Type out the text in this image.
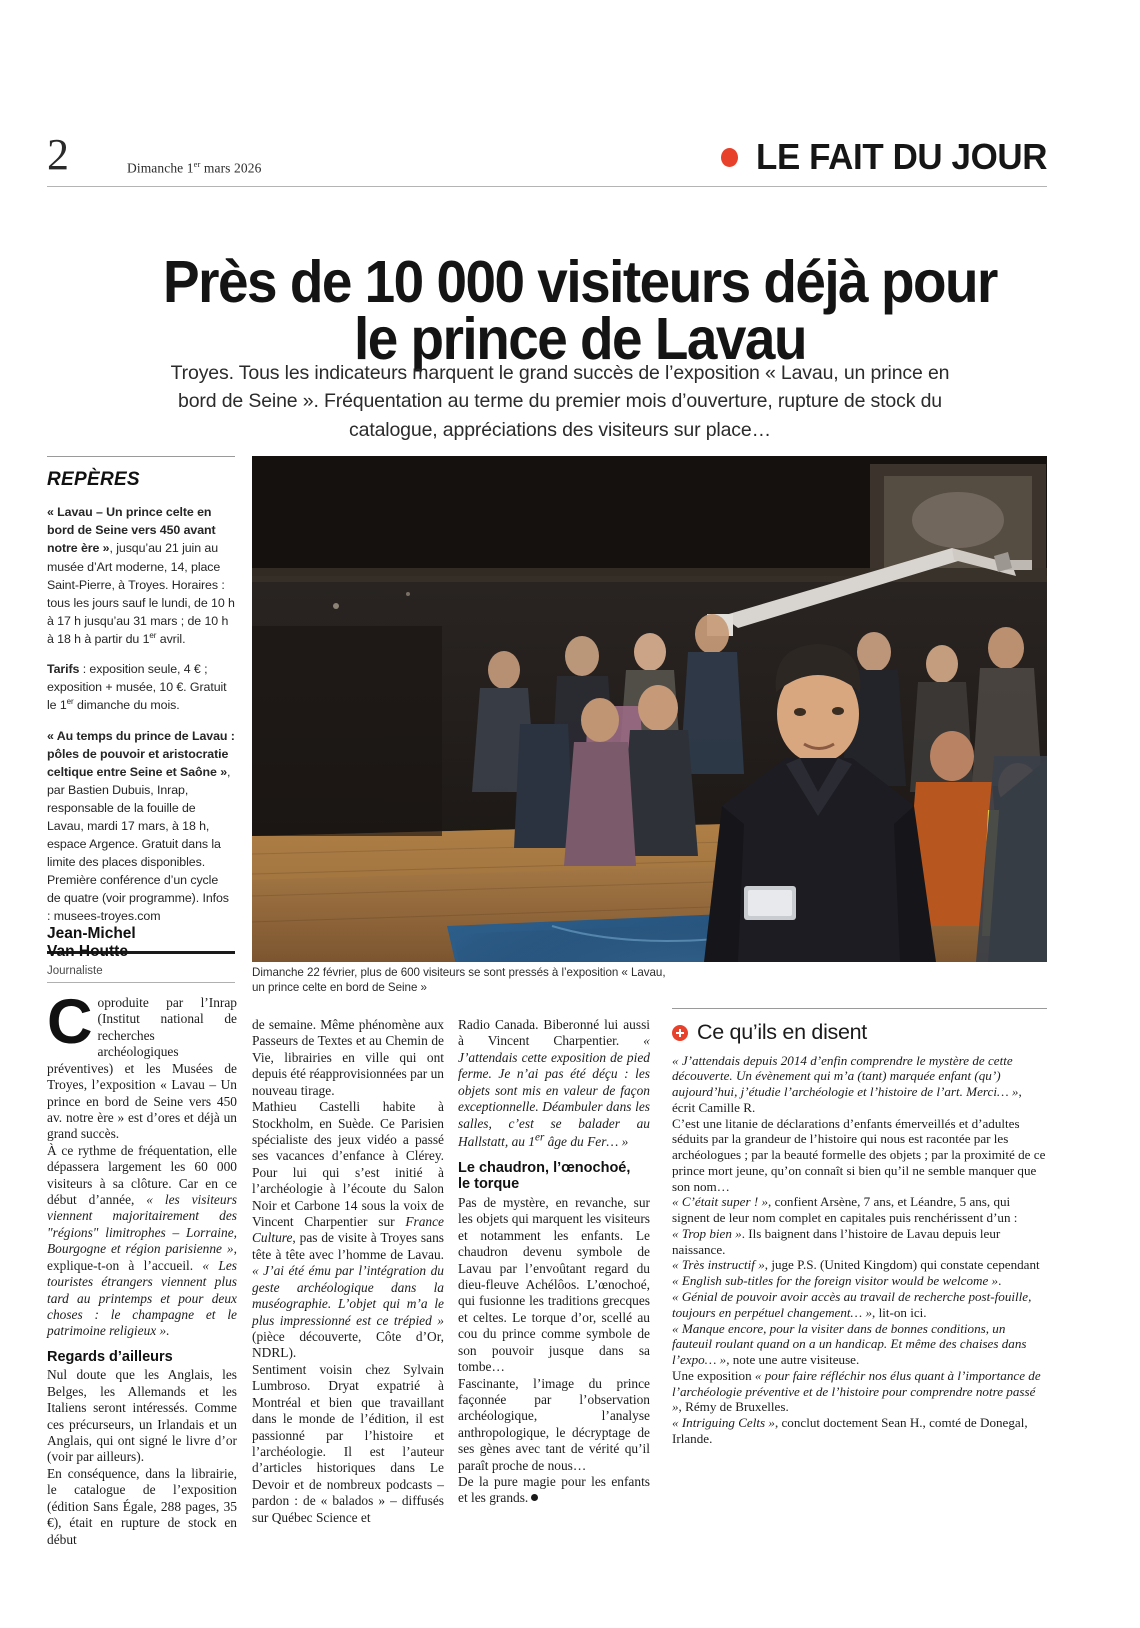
2	Dimanche 1er mars 2026	LE FAIT DU JOUR
Près de 10 000 visiteurs déjà pour le prince de Lavau
Troyes. Tous les indicateurs marquent le grand succès de l’exposition « Lavau, un prince en bord de Seine ». Fréquentation au terme du premier mois d’ouverture, rupture de stock du catalogue, appréciations des visiteurs sur place…
REPÈRES

« Lavau – Un prince celte en bord de Seine vers 450 avant notre ère », jusqu’au 21 juin au musée d’Art moderne, 14, place Saint-Pierre, à Troyes. Horaires : tous les jours sauf le lundi, de 10 h à 17 h jusqu’au 31 mars ; de 10 h à 18 h à partir du 1er avril.

Tarifs : exposition seule, 4 € ; exposition + musée, 10 €. Gratuit le 1er dimanche du mois.

« Au temps du prince de Lavau : pôles de pouvoir et aristocratie celtique entre Seine et Saône », par Bastien Dubuis, Inrap, responsable de la fouille de Lavau, mardi 17 mars, à 18 h, espace Argence. Gratuit dans la limite des places disponibles. Première conférence d’un cycle de quatre (voir programme). Infos : musees-troyes.com

Jean-Michel
Van Houtte
Journaliste	Dimanche 22 février, plus de 600 visiteurs se sont pressés à l’exposition « Lavau, un prince celte en bord de Seine »

Coproduite par l’Inrap (Institut national de recherches archéologiques préventives) et les Musées de Troyes, l’exposition « Lavau – Un prince en bord de Seine vers 450 av. notre ère » est d’ores et déjà un grand succès.

À ce rythme de fréquentation, elle dépassera largement les 60 000 visiteurs à sa clôture. Car en ce début d’année, « les visiteurs viennent majoritairement des "régions" limitrophes – Lorraine, Bourgogne et région parisienne », explique-t-on à l’accueil. « Les touristes étrangers viennent plus tard au printemps et pour deux choses : le champagne et le patrimoine religieux ».

Regards d’ailleurs

Nul doute que les Anglais, les Belges, les Allemands et les Italiens seront intéressés. Comme ces précurseurs, un Irlandais et un Anglais, qui ont signé le livre d’or (voir par ailleurs).

En conséquence, dans la librairie, le catalogue de l’exposition (édition Sans Égale, 288 pages, 35 €), était en rupture de stock en début

de semaine. Même phénomène aux Passeurs de Textes et au Chemin de Vie, librairies en ville qui ont depuis été réapprovisionnées par un nouveau tirage.

Mathieu Castelli habite à Stockholm, en Suède. Ce Parisien spécialiste des jeux vidéo a passé ses vacances d’enfance à Clérey. Pour lui qui s’est initié à l’archéologie à l’écoute du Salon Noir et Carbone 14 sous la voix de Vincent Charpentier sur France Culture, pas de visite à Troyes sans tête à tête avec l’homme de Lavau. « J’ai été ému par l’intégration du geste archéologique dans la muséographie. L’objet qui m’a le plus impressionné est ce trépied » (pièce découverte, Côte d’Or, NDRL).

Sentiment voisin chez Sylvain Lumbroso. Dryat expatrié à Montréal et bien que travaillant dans le monde de l’édition, il est passionné par l’histoire et l’archéologie. Il est l’auteur d’articles historiques dans Le Devoir et de nombreux podcasts – pardon : de « balados » – diffusés sur Québec Science et

Radio Canada. Biberonné lui aussi à Vincent Charpentier. « J’attendais cette exposition de pied ferme. Je n’ai pas été déçu : les objets sont mis en valeur de façon exceptionnelle. Déambuler dans les salles, c’est se balader au Hallstatt, au 1er âge du Fer… »

Le chaudron, l’œnochoé,
le torque

Pas de mystère, en revanche, sur les objets qui marquent les visiteurs et notamment les enfants. Le chaudron devenu symbole de Lavau par l’envoûtant regard du dieu-fleuve Achélôos. L’œnochoé, qui fusionne les traditions grecques et celtes. Le torque d’or, scellé au cou du prince comme symbole de son pouvoir jusque dans sa tombe…

Fascinante, l’image du prince façonnée par l’observation archéologique, l’analyse anthropologique, le décryptage de ses gènes avec tant de vérité qu’il paraît proche de nous…

De la pure magie pour les enfants et les grands.

Ce qu’ils en disent

« J’attendais depuis 2014 d’enfin comprendre le mystère de cette découverte. Un évènement qui m’a (tant) marquée enfant (qu’) aujourd’hui, j’étudie l’archéologie et l’histoire de l’art. Merci… », écrit Camille R.

C’est une litanie de déclarations d’enfants émerveillés et d’adultes séduits par la grandeur de l’histoire qui nous est racontée par les archéologues ; par la beauté formelle des objets ; par la proximité de ce prince mort jeune, qu’on connaît si bien qu’il ne semble manquer que son nom…

« C’était super ! », confient Arsène, 7 ans, et Léandre, 5 ans, qui signent de leur nom complet en capitales puis renchérissent d’un :

« Trop bien ». Ils baignent dans l’histoire de Lavau depuis leur naissance.

« Très instructif », juge P.S. (United Kingdom) qui constate cependant

« English sub-titles for the foreign visitor would be welcome ».

« Génial de pouvoir avoir accès au travail de recherche post-fouille, toujours en perpétuel changement… », lit-on ici.

« Manque encore, pour la visiter dans de bonnes conditions, un fauteuil roulant quand on a un handicap. Et même des chaises dans l’expo… », note une autre visiteuse.

Une exposition « pour faire réfléchir nos élus quant à l’importance de l’archéologie préventive et de l’histoire pour comprendre notre passé », Rémy de Bruxelles.

« Intriguing Celts », conclut doctement Sean H., comté de Donegal, Irlande.
